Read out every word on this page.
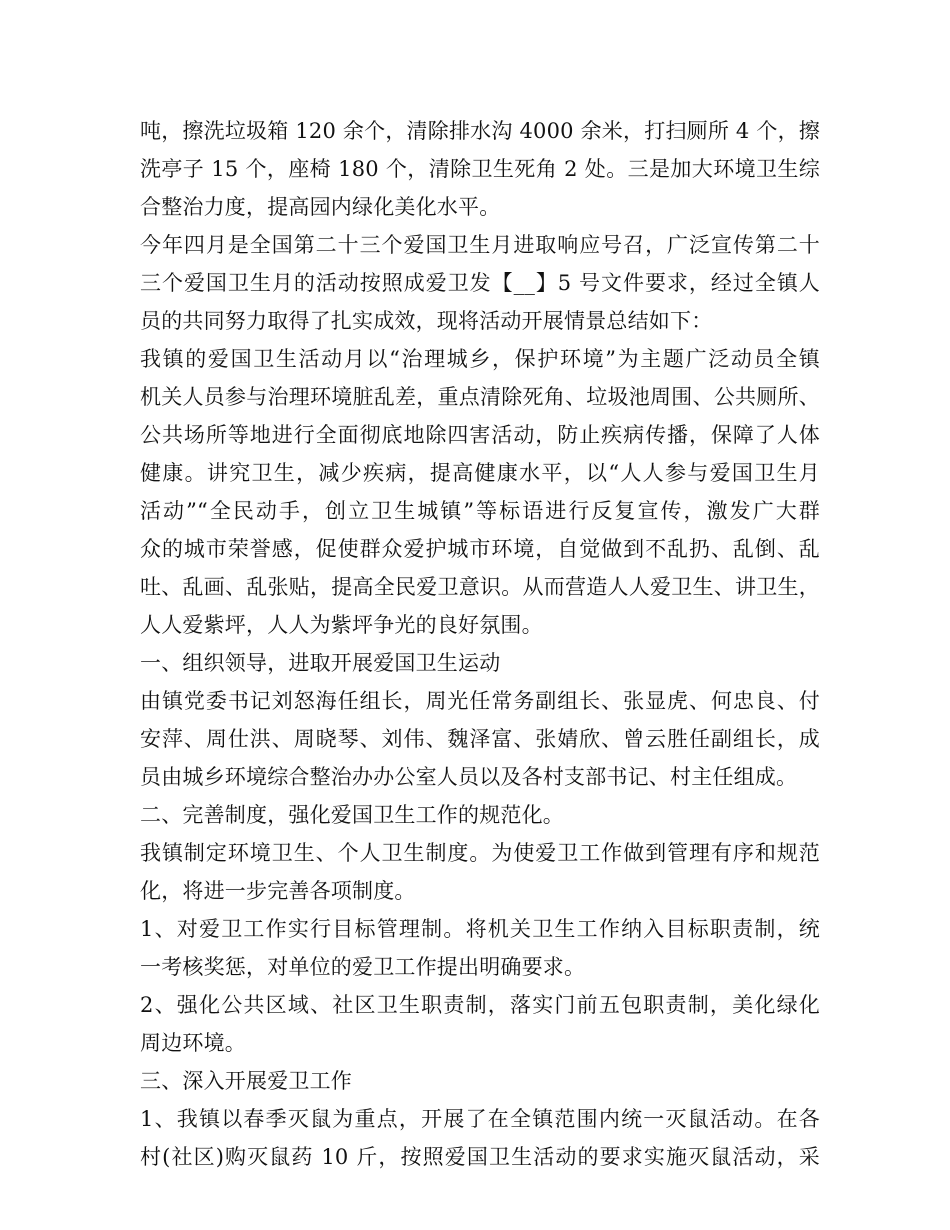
吨，擦洗垃圾箱 120 余个，清除排水沟 4000 余米，打扫厕所 4 个，擦
洗亭子 15 个，座椅 180 个，清除卫生死角 2 处。三是加大环境卫生综
合整治力度，提高园内绿化美化水平。
今年四月是全国第二十三个爱国卫生月进取响应号召，广泛宣传第二十
三个爱国卫生月的活动按照成爱卫发【__】5 号文件要求，经过全镇人
员的共同努力取得了扎实成效，现将活动开展情景总结如下：
我镇的爱国卫生活动月以“治理城乡，保护环境”为主题广泛动员全镇
机关人员参与治理环境脏乱差，重点清除死角、垃圾池周围、公共厕所、
公共场所等地进行全面彻底地除四害活动，防止疾病传播，保障了人体
健康。讲究卫生，减少疾病，提高健康水平，以“人人参与爱国卫生月
活动”“全民动手，创立卫生城镇”等标语进行反复宣传，激发广大群
众的城市荣誉感，促使群众爱护城市环境，自觉做到不乱扔、乱倒、乱
吐、乱画、乱张贴，提高全民爱卫意识。从而营造人人爱卫生、讲卫生，
人人爱紫坪，人人为紫坪争光的良好氛围。
一、组织领导，进取开展爱国卫生运动
由镇党委书记刘怒海任组长，周光任常务副组长、张显虎、何忠良、付
安萍、周仕洪、周晓琴、刘伟、魏泽富、张婧欣、曾云胜任副组长，成
员由城乡环境综合整治办办公室人员以及各村支部书记、村主任组成。
二、完善制度，强化爱国卫生工作的规范化。
我镇制定环境卫生、个人卫生制度。为使爱卫工作做到管理有序和规范
化，将进一步完善各项制度。
1、对爱卫工作实行目标管理制。将机关卫生工作纳入目标职责制，统
一考核奖惩，对单位的爱卫工作提出明确要求。
2、强化公共区域、社区卫生职责制，落实门前五包职责制，美化绿化
周边环境。
三、深入开展爱卫工作
1、我镇以春季灭鼠为重点，开展了在全镇范围内统一灭鼠活动。在各
村(社区)购灭鼠药 10 斤，按照爱国卫生活动的要求实施灭鼠活动，采
